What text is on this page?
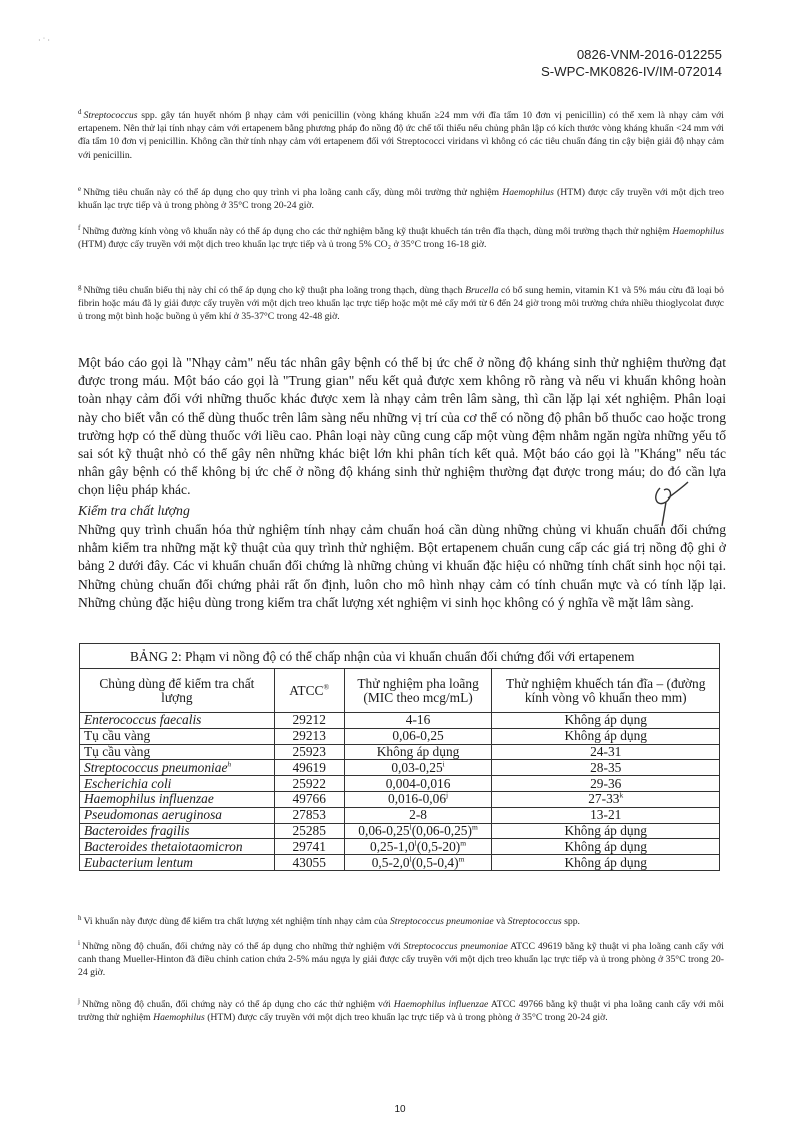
· ˙ ·
0826-VNM-2016-012255
S-WPC-MK0826-IV/IM-072014

$^d$ Streptococcus spp. gây tán huyết nhóm β nhạy cảm với penicillin (vòng kháng khuẩn ≥24 mm với đĩa tẩm 10 đơn vị penicillin) có thể xem là nhạy cảm với ertapenem. Nên thử lại tính nhạy cảm với ertapenem bằng phương pháp đo nồng độ ức chế tối thiểu nếu chủng phân lập có kích thước vòng kháng khuẩn <24 mm với đĩa tẩm 10 đơn vị penicillin. Không cần thử tính nhạy cảm với ertapenem đối với Streptococci viridans vì không có các tiêu chuẩn đáng tin cậy biện giải độ nhạy cảm với penicillin.

$^e$ Những tiêu chuẩn này có thể áp dụng cho quy trình vi pha loãng canh cấy, dùng môi trường thử nghiệm Haemophilus (HTM) được cấy truyền với một dịch treo khuẩn lạc trực tiếp và ủ trong phòng ở 35°C trong 20-24 giờ.

$^f$ Những đường kính vòng vô khuẩn này có thể áp dụng cho các thử nghiệm bằng kỹ thuật khuếch tán trên đĩa thạch, dùng môi trường thạch thử nghiệm Haemophilus (HTM) được cấy truyền với một dịch treo khuẩn lạc trực tiếp và ủ trong 5% CO₂ ở 35°C trong 16-18 giờ.

$^g$ Những tiêu chuẩn biểu thị này chỉ có thể áp dụng cho kỹ thuật pha loãng trong thạch, dùng thạch Brucella có bổ sung hemin, vitamin K1 và 5% máu cừu đã loại bỏ fibrin hoặc máu đã ly giải được cấy truyền với một dịch treo khuẩn lạc trực tiếp hoặc một mẻ cấy mới từ 6 đến 24 giờ trong môi trường chứa nhiều thioglycolat được ủ trong một bình hoặc buồng ủ yếm khí ở 35-37°C trong 42-48 giờ.

Một báo cáo gọi là "Nhạy cảm" nếu tác nhân gây bệnh có thể bị ức chế ở nồng độ kháng sinh thử nghiệm thường đạt được trong máu. Một báo cáo gọi là "Trung gian" nếu kết quả được xem không rõ ràng và nếu vi khuẩn không hoàn toàn nhạy cảm đối với những thuốc khác được xem là nhạy cảm trên lâm sàng, thì cần lặp lại xét nghiệm. Phân loại này cho biết vẫn có thể dùng thuốc trên lâm sàng nếu những vị trí của cơ thể có nồng độ phân bố thuốc cao hoặc trong trường hợp có thể dùng thuốc với liều cao. Phân loại này cũng cung cấp một vùng đệm nhằm ngăn ngừa những yếu tố sai sót kỹ thuật nhỏ có thể gây nên những khác biệt lớn khi phân tích kết quả. Một báo cáo gọi là "Kháng" nếu tác nhân gây bệnh có thể không bị ức chế ở nồng độ kháng sinh thử nghiệm thường đạt được trong máu; do đó cần lựa chọn liệu pháp khác.

Kiểm tra chất lượng

Những quy trình chuẩn hóa thử nghiệm tính nhạy cảm chuẩn hoá cần dùng những chủng vi khuẩn chuẩn đối chứng nhằm kiểm tra những mặt kỹ thuật của quy trình thử nghiệm. Bột ertapenem chuẩn cung cấp các giá trị nồng độ ghi ở bảng 2 dưới đây. Các vi khuẩn chuẩn đối chứng là những chủng vi khuẩn đặc hiệu có những tính chất sinh học nội tại. Những chủng chuẩn đối chứng phải rất ổn định, luôn cho mô hình nhạy cảm có tính chuẩn mực và có tính lặp lại. Những chủng đặc hiệu dùng trong kiểm tra chất lượng xét nghiệm vi sinh học không có ý nghĩa về mặt lâm sàng.

BẢNG 2: Phạm vi nồng độ có thể chấp nhận của vi khuẩn chuẩn đối chứng đối với ertapenem			
Chủng dùng để kiểm tra chất lượng	ATCC®	Thử nghiệm pha loãng (MIC theo mcg/mL)	Thử nghiệm khuếch tán đĩa – (đường kính vòng vô khuẩn theo mm)
Enterococcus faecalis	29212	4-16	Không áp dụng
Tụ cầu vàng	29213	0,06-0,25	Không áp dụng
Tụ cầu vàng	25923	Không áp dụng	24-31
Streptococcus pneumoniae$^h$	49619	0,03-0,25$^i$	28-35
Escherichia coli	25922	0,004-0,016	29-36
Haemophilus influenzae	49766	0,016-0,06$^j$	27-33$^k$
Pseudomonas aeruginosa	27853	2-8	13-21
Bacteroides fragilis	25285	$0,06-0,25^l(0,06-0,25)^m$	Không áp dụng
Bacteroides thetaiotaomicron	29741	$0,25-1,0^l(0,5-20)^m$	Không áp dụng
Eubacterium lentum	43055	$0,5-2,0^l(0,5-0,4)^m$	Không áp dụng

$^h$ Vi khuẩn này được dùng để kiểm tra chất lượng xét nghiệm tính nhạy cảm của Streptococcus pneumoniae và Streptococcus spp.

$^i$ Những nồng độ chuẩn, đối chứng này có thể áp dụng cho những thử nghiệm với Streptococcus pneumoniae ATCC 49619 bằng kỹ thuật vi pha loãng canh cấy với canh thang Mueller-Hinton đã điều chỉnh cation chứa 2-5% máu ngựa ly giải được cấy truyền với một dịch treo khuẩn lạc trực tiếp và ủ trong phòng ở 35°C trong 20-24 giờ.

$^j$ Những nồng độ chuẩn, đối chứng này có thể áp dụng cho các thử nghiệm với Haemophilus influenzae ATCC 49766 bằng kỹ thuật vi pha loãng canh cấy với môi trường thử nghiệm Haemophilus (HTM) được cấy truyền với một dịch treo khuẩn lạc trực tiếp và ủ trong phòng ở 35°C trong 20-24 giờ.

10
